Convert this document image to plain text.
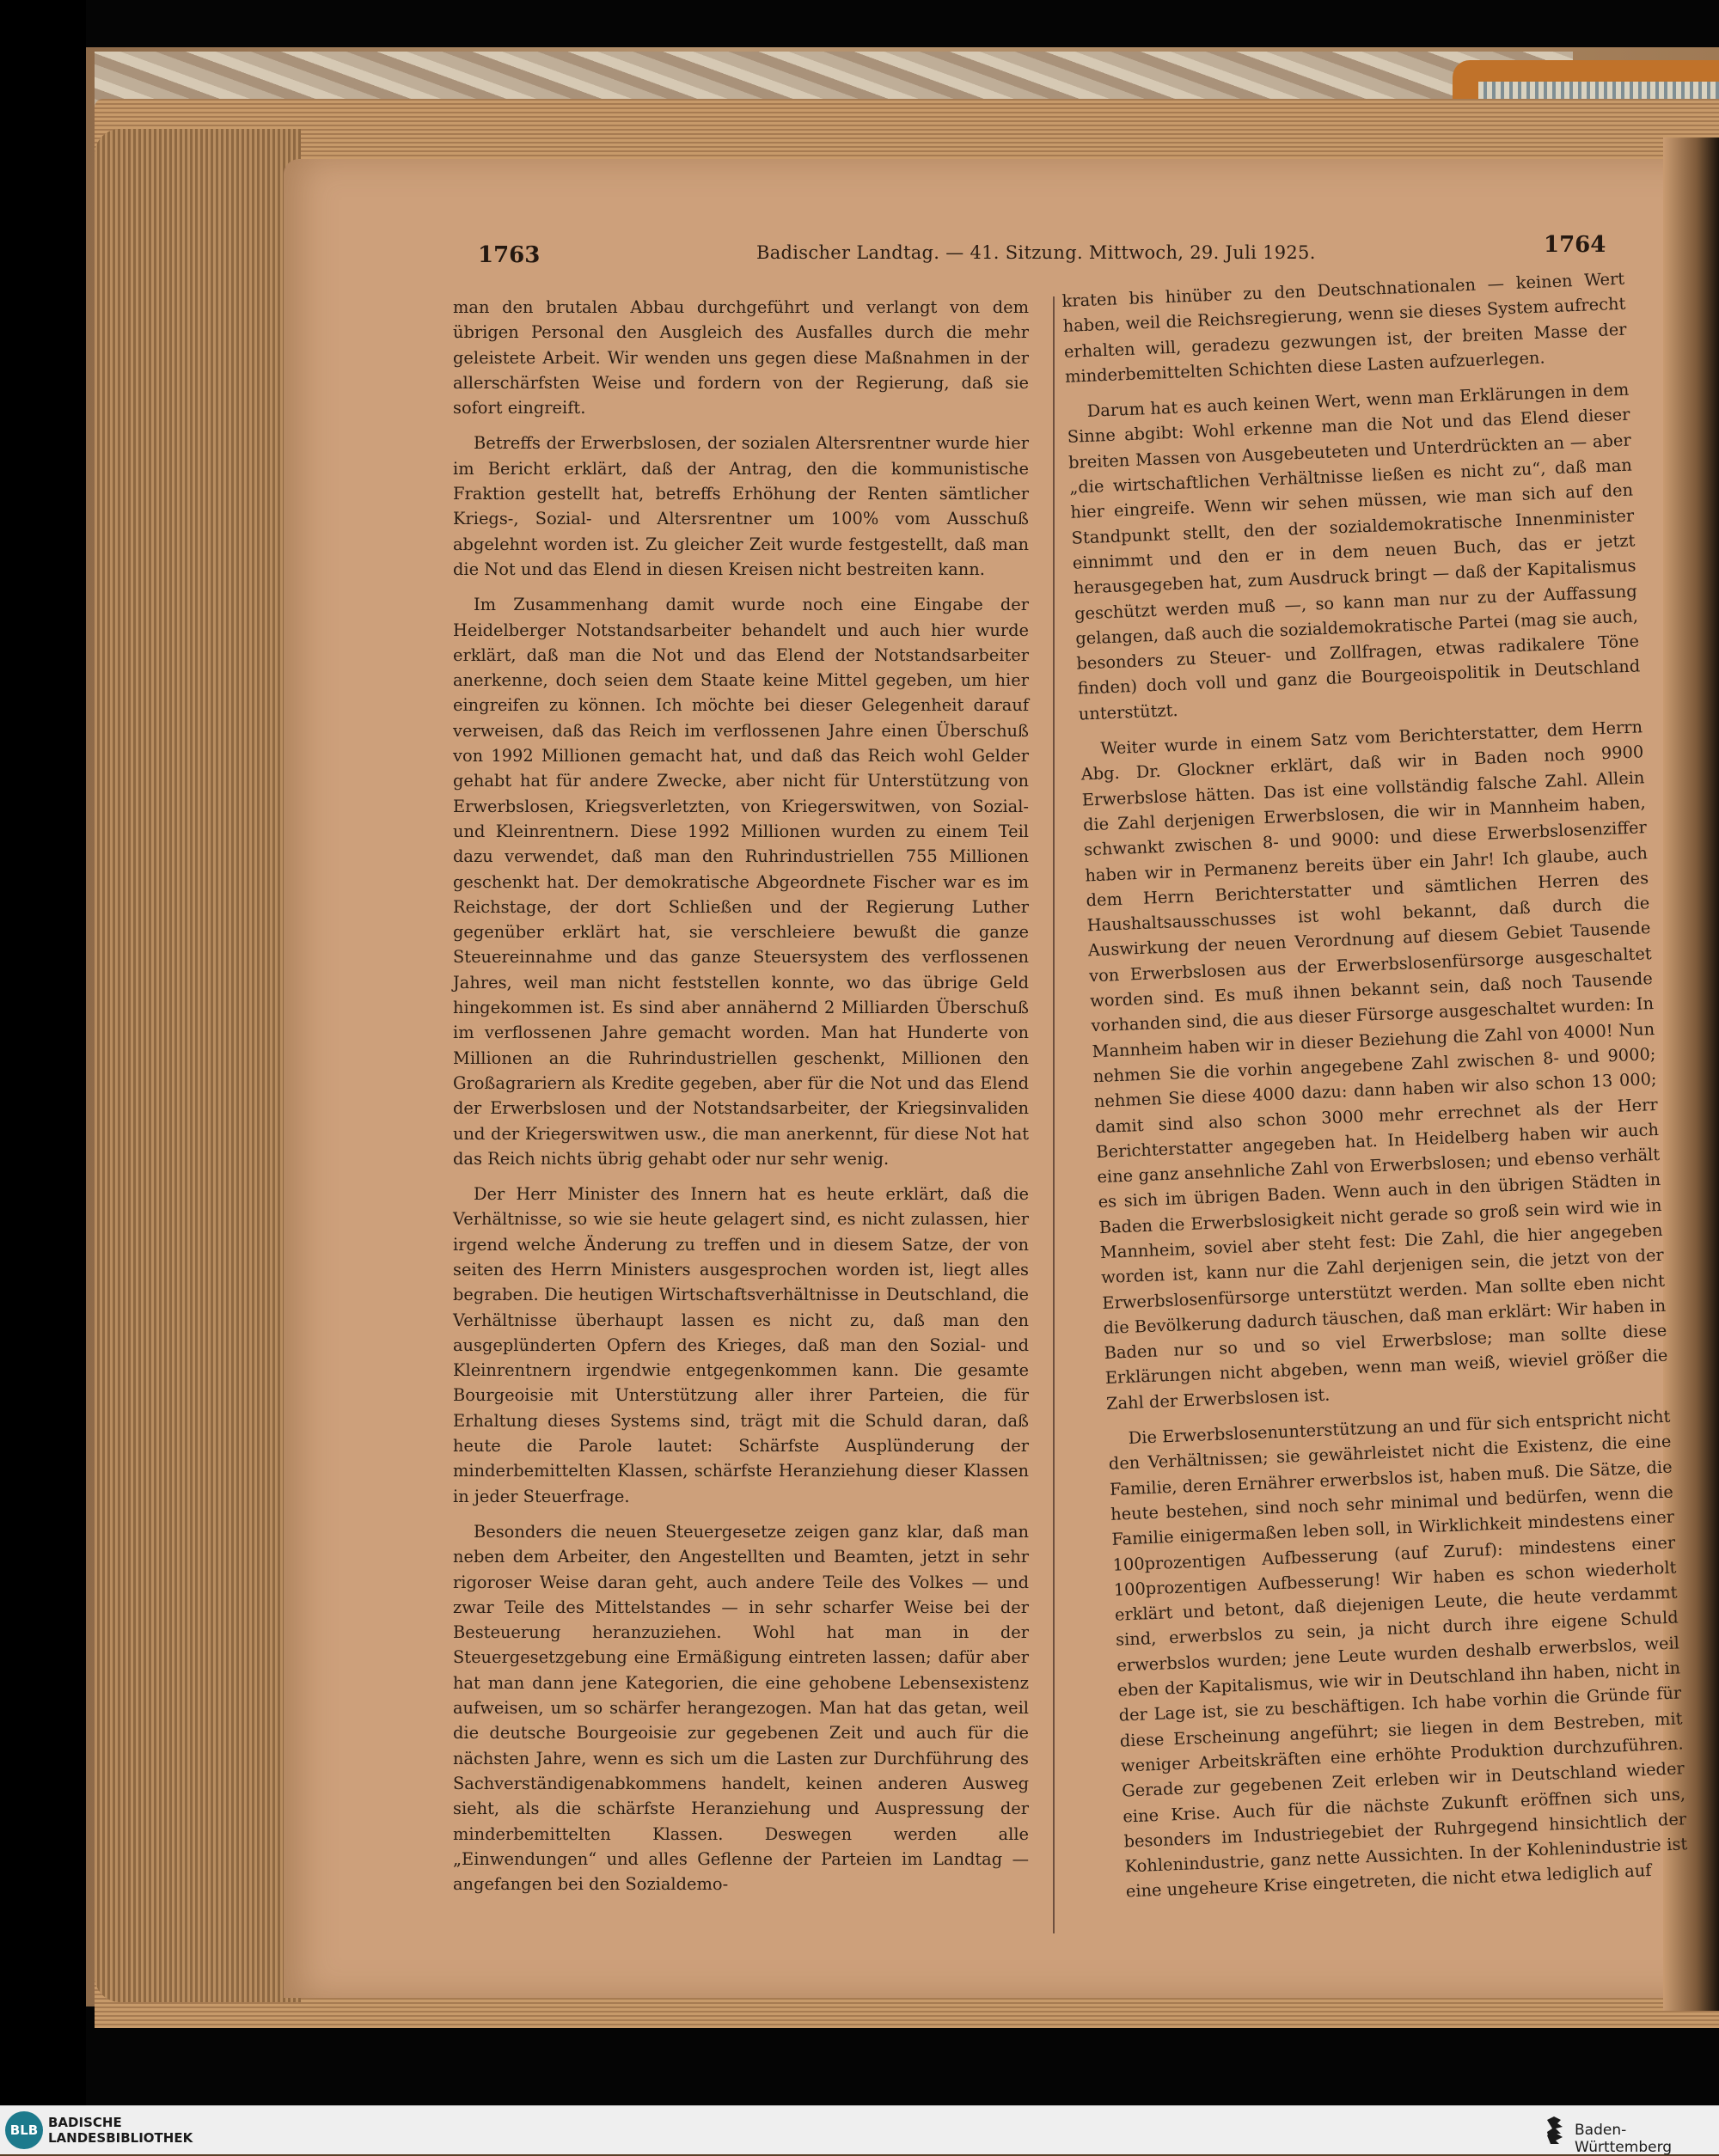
1763	Badischer Landtag. — 41. Sitzung. Mittwoch, 29. Juli 1925.	1764

man den brutalen Abbau durchgeführt und verlangt von dem übrigen Personal den Ausgleich des Ausfalles durch die mehr geleistete Arbeit. Wir wenden uns gegen diese Maßnahmen in der allerschärfsten Weise und fordern von der Regierung, daß sie sofort eingreift.

Betreffs der Erwerbslosen, der sozialen Altersrentner wurde hier im Bericht erklärt, daß der Antrag, den die kommunistische Fraktion gestellt hat, betreffs Erhöhung der Renten sämtlicher Kriegs-, Sozial- und Altersrentner um 100% vom Ausschuß abgelehnt worden ist. Zu gleicher Zeit wurde festgestellt, daß man die Not und das Elend in diesen Kreisen nicht bestreiten kann.

Im Zusammenhang damit wurde noch eine Eingabe der Heidelberger Notstandsarbeiter behandelt und auch hier wurde erklärt, daß man die Not und das Elend der Notstandsarbeiter anerkenne, doch seien dem Staate keine Mittel gegeben, um hier eingreifen zu können. Ich möchte bei dieser Gelegenheit darauf verweisen, daß das Reich im verflossenen Jahre einen Überschuß von 1992 Millionen gemacht hat, und daß das Reich wohl Gelder gehabt hat für andere Zwecke, aber nicht für Unterstützung von Erwerbslosen, Kriegsverletzten, von Kriegerswitwen, von Sozial- und Kleinrentnern. Diese 1992 Millionen wurden zu einem Teil dazu verwendet, daß man den Ruhrindustriellen 755 Millionen geschenkt hat. Der demokratische Abgeordnete Fischer war es im Reichstage, der dort Schließen und der Regierung Luther gegenüber erklärt hat, sie verschleiere bewußt die ganze Steuereinnahme und das ganze Steuersystem des verflossenen Jahres, weil man nicht feststellen konnte, wo das übrige Geld hingekommen ist. Es sind aber annähernd 2 Milliarden Überschuß im verflossenen Jahre gemacht worden. Man hat Hunderte von Millionen an die Ruhrindustriellen geschenkt, Millionen den Großagrariern als Kredite gegeben, aber für die Not und das Elend der Erwerbslosen und der Notstandsarbeiter, der Kriegsinvaliden und der Kriegerswitwen usw., die man anerkennt, für diese Not hat das Reich nichts übrig gehabt oder nur sehr wenig.

Der Herr Minister des Innern hat es heute erklärt, daß die Verhältnisse, so wie sie heute gelagert sind, es nicht zulassen, hier irgend welche Änderung zu treffen und in diesem Satze, der von seiten des Herrn Ministers ausgesprochen worden ist, liegt alles begraben. Die heutigen Wirtschaftsverhältnisse in Deutschland, die Verhältnisse überhaupt lassen es nicht zu, daß man den ausgeplünderten Opfern des Krieges, daß man den Sozial- und Kleinrentnern irgendwie entgegenkommen kann. Die gesamte Bourgeoisie mit Unterstützung aller ihrer Parteien, die für Erhaltung dieses Systems sind, trägt mit die Schuld daran, daß heute die Parole lautet: Schärfste Ausplünderung der minderbemittelten Klassen, schärfste Heranziehung dieser Klassen in jeder Steuerfrage.

Besonders die neuen Steuergesetze zeigen ganz klar, daß man neben dem Arbeiter, den Angestellten und Beamten, jetzt in sehr rigoroser Weise daran geht, auch andere Teile des Volkes — und zwar Teile des Mittelstandes — in sehr scharfer Weise bei der Besteuerung heranzuziehen. Wohl hat man in der Steuergesetzgebung eine Ermäßigung eintreten lassen; dafür aber hat man dann jene Kategorien, die eine gehobene Lebensexistenz aufweisen, um so schärfer herangezogen. Man hat das getan, weil die deutsche Bourgeoisie zur gegebenen Zeit und auch für die nächsten Jahre, wenn es sich um die Lasten zur Durchführung des Sachverständigenabkommens handelt, keinen anderen Ausweg sieht, als die schärfste Heranziehung und Auspressung der minderbemittelten Klassen. Deswegen werden alle „Einwendungen“ und alles Geflenne der Parteien im Landtag — angefangen bei den Sozialdemo-

kraten bis hinüber zu den Deutschnationalen — keinen Wert haben, weil die Reichsregierung, wenn sie dieses System aufrecht erhalten will, geradezu gezwungen ist, der breiten Masse der minderbemittelten Schichten diese Lasten aufzuerlegen.

Darum hat es auch keinen Wert, wenn man Erklärungen in dem Sinne abgibt: Wohl erkenne man die Not und das Elend dieser breiten Massen von Ausgebeuteten und Unterdrückten an — aber „die wirtschaftlichen Verhältnisse ließen es nicht zu“, daß man hier eingreife. Wenn wir sehen müssen, wie man sich auf den Standpunkt stellt, den der sozialdemokratische Innenminister einnimmt und den er in dem neuen Buch, das er jetzt herausgegeben hat, zum Ausdruck bringt — daß der Kapitalismus geschützt werden muß —, so kann man nur zu der Auffassung gelangen, daß auch die sozialdemokratische Partei (mag sie auch, besonders zu Steuer- und Zollfragen, etwas radikalere Töne finden) doch voll und ganz die Bourgeoispolitik in Deutschland unterstützt.

Weiter wurde in einem Satz vom Berichterstatter, dem Herrn Abg. Dr. Glockner erklärt, daß wir in Baden noch 9900 Erwerbslose hätten. Das ist eine vollständig falsche Zahl. Allein die Zahl derjenigen Erwerbslosen, die wir in Mannheim haben, schwankt zwischen 8- und 9000: und diese Erwerbslosenziffer haben wir in Permanenz bereits über ein Jahr! Ich glaube, auch dem Herrn Berichterstatter und sämtlichen Herren des Haushaltsausschusses ist wohl bekannt, daß durch die Auswirkung der neuen Verordnung auf diesem Gebiet Tausende von Erwerbslosen aus der Erwerbslosenfürsorge ausgeschaltet worden sind. Es muß ihnen bekannt sein, daß noch Tausende vorhanden sind, die aus dieser Fürsorge ausgeschaltet wurden: In Mannheim haben wir in dieser Beziehung die Zahl von 4000! Nun nehmen Sie die vorhin angegebene Zahl zwischen 8- und 9000; nehmen Sie diese 4000 dazu: dann haben wir also schon 13 000; damit sind also schon 3000 mehr errechnet als der Herr Berichterstatter angegeben hat. In Heidelberg haben wir auch eine ganz ansehnliche Zahl von Erwerbslosen; und ebenso verhält es sich im übrigen Baden. Wenn auch in den übrigen Städten in Baden die Erwerbslosigkeit nicht gerade so groß sein wird wie in Mannheim, soviel aber steht fest: Die Zahl, die hier angegeben worden ist, kann nur die Zahl derjenigen sein, die jetzt von der Erwerbslosenfürsorge unterstützt werden. Man sollte eben nicht die Bevölkerung dadurch täuschen, daß man erklärt: Wir haben in Baden nur so und so viel Erwerbslose; man sollte diese Erklärungen nicht abgeben, wenn man weiß, wieviel größer die Zahl der Erwerbslosen ist.

Die Erwerbslosenunterstützung an und für sich entspricht nicht den Verhältnissen; sie gewährleistet nicht die Existenz, die eine Familie, deren Ernährer erwerbslos ist, haben muß. Die Sätze, die heute bestehen, sind noch sehr minimal und bedürfen, wenn die Familie einigermaßen leben soll, in Wirklichkeit mindestens einer 100prozentigen Aufbesserung (auf Zuruf): mindestens einer 100prozentigen Aufbesserung! Wir haben es schon wiederholt erklärt und betont, daß diejenigen Leute, die heute verdammt sind, erwerbslos zu sein, ja nicht durch ihre eigene Schuld erwerbslos wurden; jene Leute wurden deshalb erwerbslos, weil eben der Kapitalismus, wie wir in Deutschland ihn haben, nicht in der Lage ist, sie zu beschäftigen. Ich habe vorhin die Gründe für diese Erscheinung angeführt; sie liegen in dem Bestreben, mit weniger Arbeitskräften eine erhöhte Produktion durchzuführen. Gerade zur gegebenen Zeit erleben wir in Deutschland wieder eine Krise. Auch für die nächste Zukunft eröffnen sich uns, besonders im Industriegebiet der Ruhrgegend hinsichtlich der Kohlenindustrie, ganz nette Aussichten. In der Kohlenindustrie ist eine ungeheure Krise eingetreten, die nicht etwa lediglich auf

BLB BADISCHE
LANDESBIBLIOTHEK	Baden-Württemberg
